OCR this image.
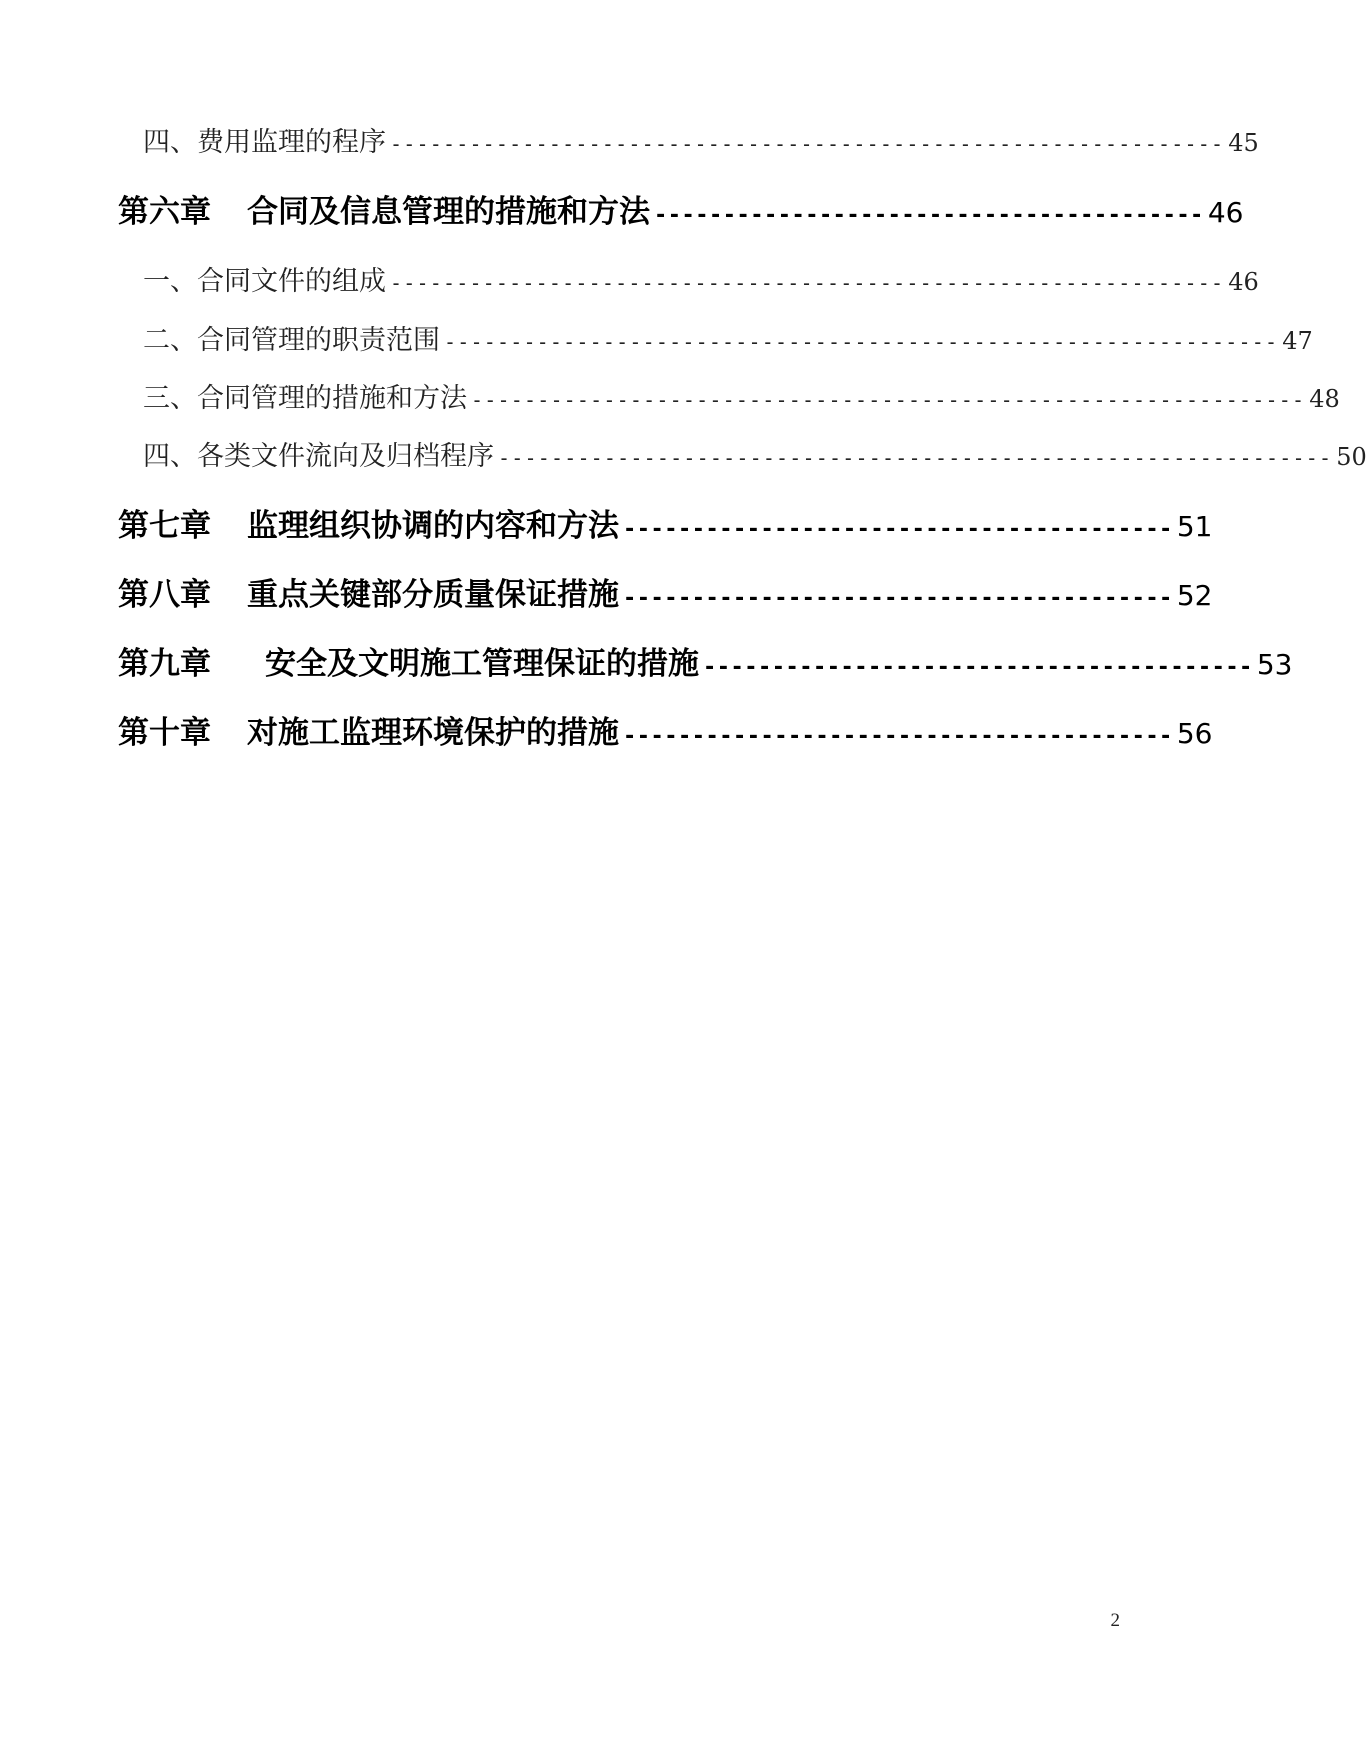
四、费用监理的程序 --------------------------------------------------------------- 45
第六章 合同及信息管理的措施和方法 ---------------------------------------- 46
一、合同文件的组成 --------------------------------------------------------------- 46
二、合同管理的职责范围 --------------------------------------------------------------- 47
三、合同管理的措施和方法 --------------------------------------------------------------- 48
四、各类文件流向及归档程序 --------------------------------------------------------------- 50
第七章 监理组织协调的内容和方法 ---------------------------------------- 51
第八章 重点关键部分质量保证措施 ---------------------------------------- 52
第九章 安全及文明施工管理保证的措施 ---------------------------------------- 53
第十章 对施工监理环境保护的措施 ---------------------------------------- 56
2
